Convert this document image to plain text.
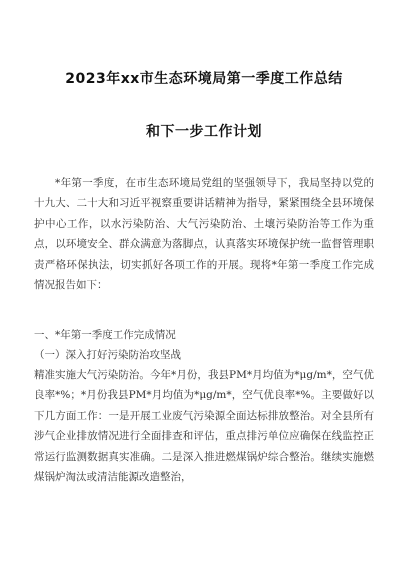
2023年xx市生态环境局第一季度工作总结
和下一步工作计划

*年第一季度，在市生态环境局党组的坚强领导下，我局坚持以党的十九大、二十大和习近平视察重要讲话精神为指导，紧紧围绕全县环境保护中心工作，以水污染防治、大气污染防治、土壤污染防治等工作为重点，以环境安全、群众满意为落脚点，认真落实环境保护统一监督管理职责严格环保执法，切实抓好各项工作的开展。现将*年第一季度工作完成情况报告如下：

一、*年第一季度工作完成情况

（一）深入打好污染防治攻坚战

精准实施大气污染防治。今年*月份，我县PM*月均值为*μg/m*，空气优良率*%；*月份我县PM*月均值为*μg/m*，空气优良率*%。主要做好以下几方面工作：一是开展工业废气污染源全面达标排放整治。对全县所有涉气企业排放情况进行全面排查和评估，重点排污单位应确保在线监控正常运行监测数据真实准确。二是深入推进燃煤锅炉综合整治。继续实施燃煤锅炉淘汰或清洁能源改造整治，
